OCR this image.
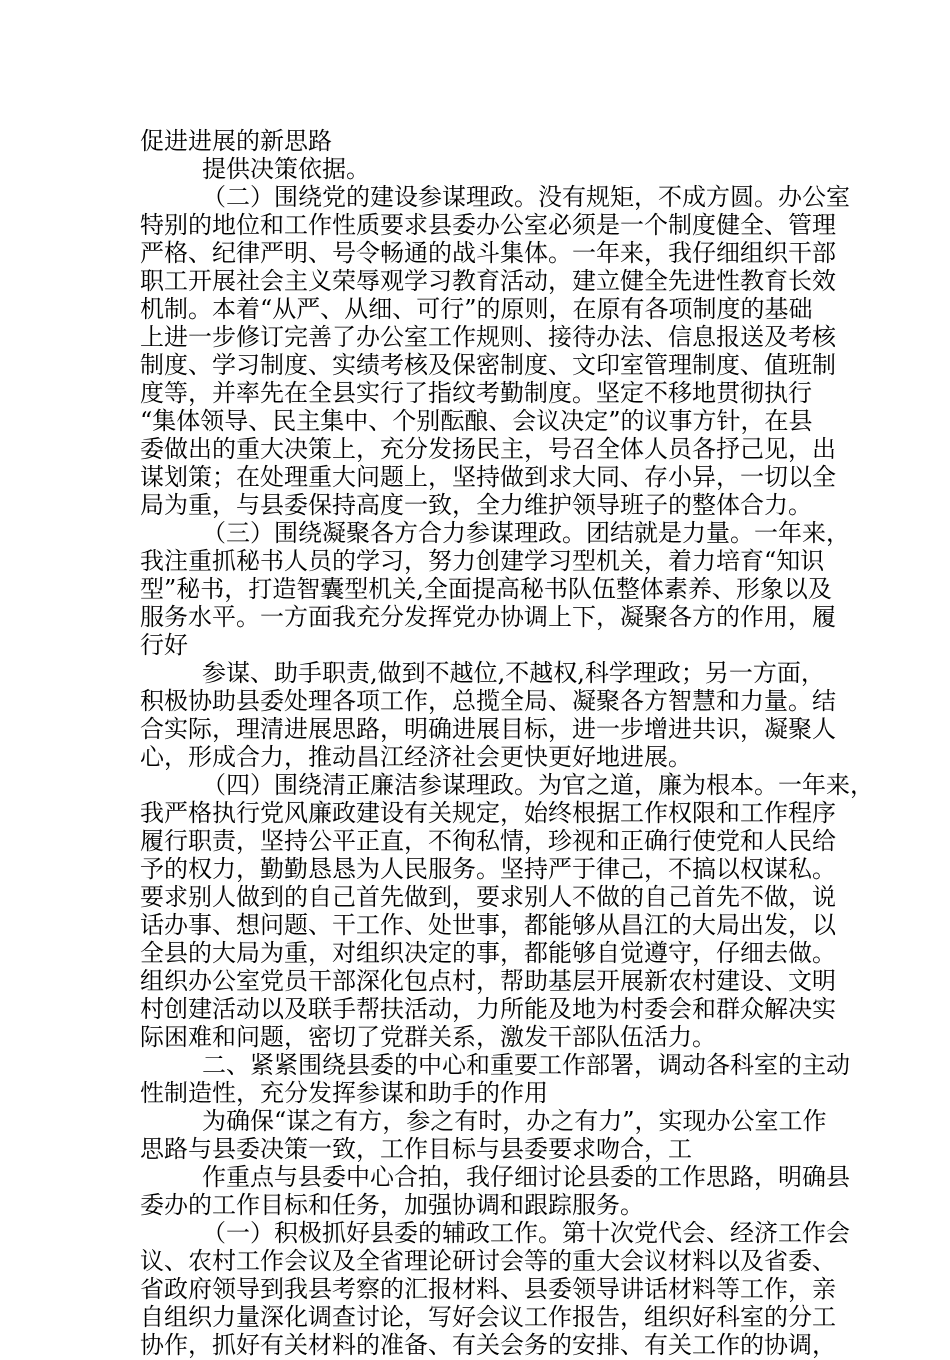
促进进展的新思路

提供决策依据。

（二）围绕党的建设参谋理政。没有规矩，不成方圆。办公室

特别的地位和工作性质要求县委办公室必须是一个制度健全、管理

严格、纪律严明、号令畅通的战斗集体。一年来，我仔细组织干部

职工开展社会主义荣辱观学习教育活动，建立健全先进性教育长效

机制。本着“从严、从细、可行”的原则，在原有各项制度的基础

上进一步修订完善了办公室工作规则、接待办法、信息报送及考核

制度、学习制度、实绩考核及保密制度、文印室管理制度、值班制

度等，并率先在全县实行了指纹考勤制度。坚定不移地贯彻执行

“集体领导、民主集中、个别酝酿、会议决定”的议事方针，在县

委做出的重大决策上，充分发扬民主，号召全体人员各抒己见，出

谋划策；在处理重大问题上，坚持做到求大同、存小异，一切以全

局为重，与县委保持高度一致，全力维护领导班子的整体合力。

（三）围绕凝聚各方合力参谋理政。团结就是力量。一年来，

我注重抓秘书人员的学习，努力创建学习型机关，着力培育“知识

型”秘书，打造智囊型机关,全面提高秘书队伍整体素养、形象以及

服务水平。一方面我充分发挥党办协调上下，凝聚各方的作用，履

行好

参谋、助手职责,做到不越位,不越权,科学理政；另一方面，

积极协助县委处理各项工作，总揽全局、凝聚各方智慧和力量。结

合实际，理清进展思路，明确进展目标，进一步增进共识，凝聚人

心，形成合力，推动昌江经济社会更快更好地进展。

（四）围绕清正廉洁参谋理政。为官之道，廉为根本。一年来，

我严格执行党风廉政建设有关规定，始终根据工作权限和工作程序

履行职责，坚持公平正直，不徇私情，珍视和正确行使党和人民给

予的权力，勤勤恳恳为人民服务。坚持严于律己，不搞以权谋私。

要求别人做到的自己首先做到，要求别人不做的自己首先不做，说

话办事、想问题、干工作、处世事，都能够从昌江的大局出发，以

全县的大局为重，对组织决定的事，都能够自觉遵守，仔细去做。

组织办公室党员干部深化包点村，帮助基层开展新农村建设、文明

村创建活动以及联手帮扶活动，力所能及地为村委会和群众解决实

际困难和问题，密切了党群关系，激发干部队伍活力。

二、紧紧围绕县委的中心和重要工作部署，调动各科室的主动

性制造性，充分发挥参谋和助手的作用

为确保“谋之有方，参之有时，办之有力”，实现办公室工作

思路与县委决策一致，工作目标与县委要求吻合，工

作重点与县委中心合拍，我仔细讨论县委的工作思路，明确县

委办的工作目标和任务，加强协调和跟踪服务。

（一）积极抓好县委的辅政工作。第十次党代会、经济工作会

议、农村工作会议及全省理论研讨会等的重大会议材料以及省委、

省政府领导到我县考察的汇报材料、县委领导讲话材料等工作，亲

自组织力量深化调查讨论，写好会议工作报告，组织好科室的分工

协作，抓好有关材料的准备、有关会务的安排、有关工作的协调，
